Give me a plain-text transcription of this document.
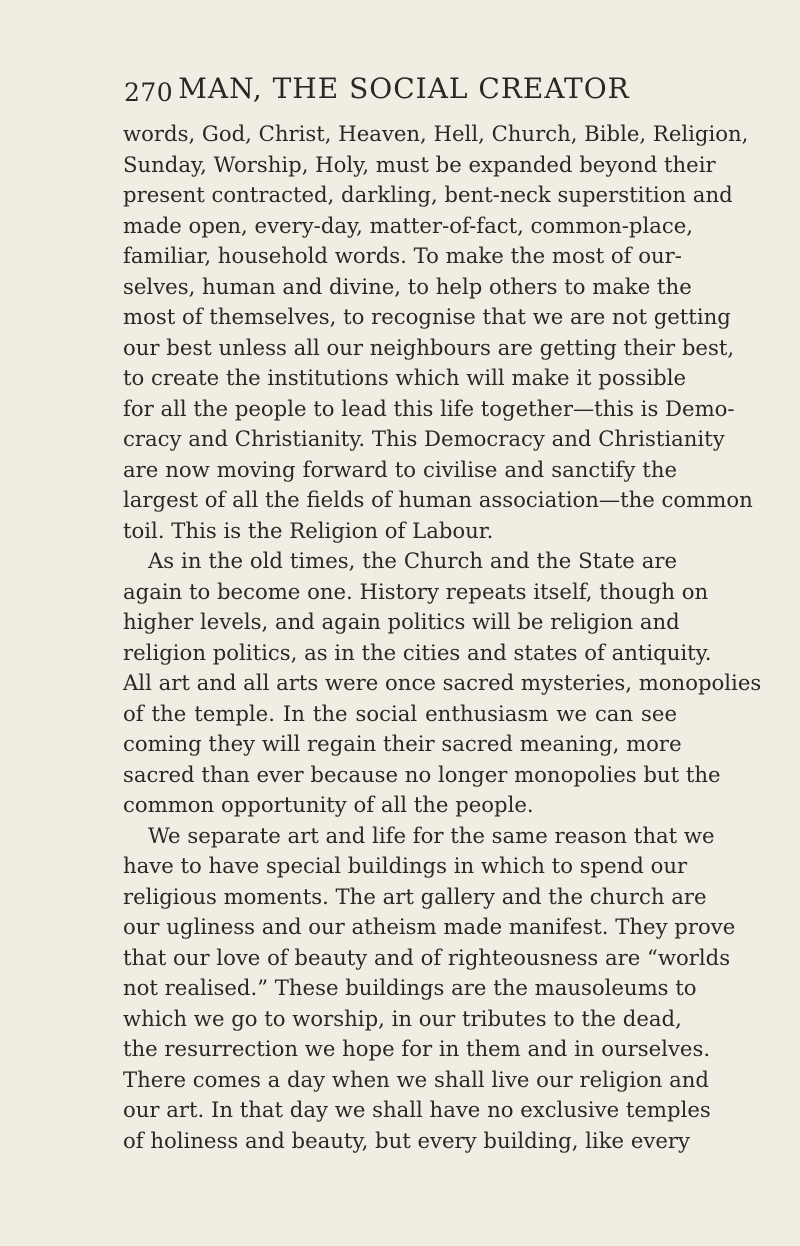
270 MAN, THE SOCIAL CREATOR
words, God, Christ, Heaven, Hell, Church, Bible, Religion,
Sunday, Worship, Holy, must be expanded beyond their
present contracted, darkling, bent-neck superstition and
made open, every-day, matter-of-fact, common-place,
familiar, household words. To make the most of our-
selves, human and divine, to help others to make the
most of themselves, to recognise that we are not getting
our best unless all our neighbours are getting their best,
to create the institutions which will make it possible
for all the people to lead this life together—this is Demo-
cracy and Christianity. This Democracy and Christianity
are now moving forward to civilise and sanctify the
largest of all the fields of human association—the common
toil. This is the Religion of Labour.
As in the old times, the Church and the State are
again to become one. History repeats itself, though on
higher levels, and again politics will be religion and
religion politics, as in the cities and states of antiquity.
All art and all arts were once sacred mysteries, monopolies
of the temple. In the social enthusiasm we can see
coming they will regain their sacred meaning, more
sacred than ever because no longer monopolies but the
common opportunity of all the people.
We separate art and life for the same reason that we
have to have special buildings in which to spend our
religious moments. The art gallery and the church are
our ugliness and our atheism made manifest. They prove
that our love of beauty and of righteousness are “worlds
not realised.” These buildings are the mausoleums to
which we go to worship, in our tributes to the dead,
the resurrection we hope for in them and in ourselves.
There comes a day when we shall live our religion and
our art. In that day we shall have no exclusive temples
of holiness and beauty, but every building, like every
